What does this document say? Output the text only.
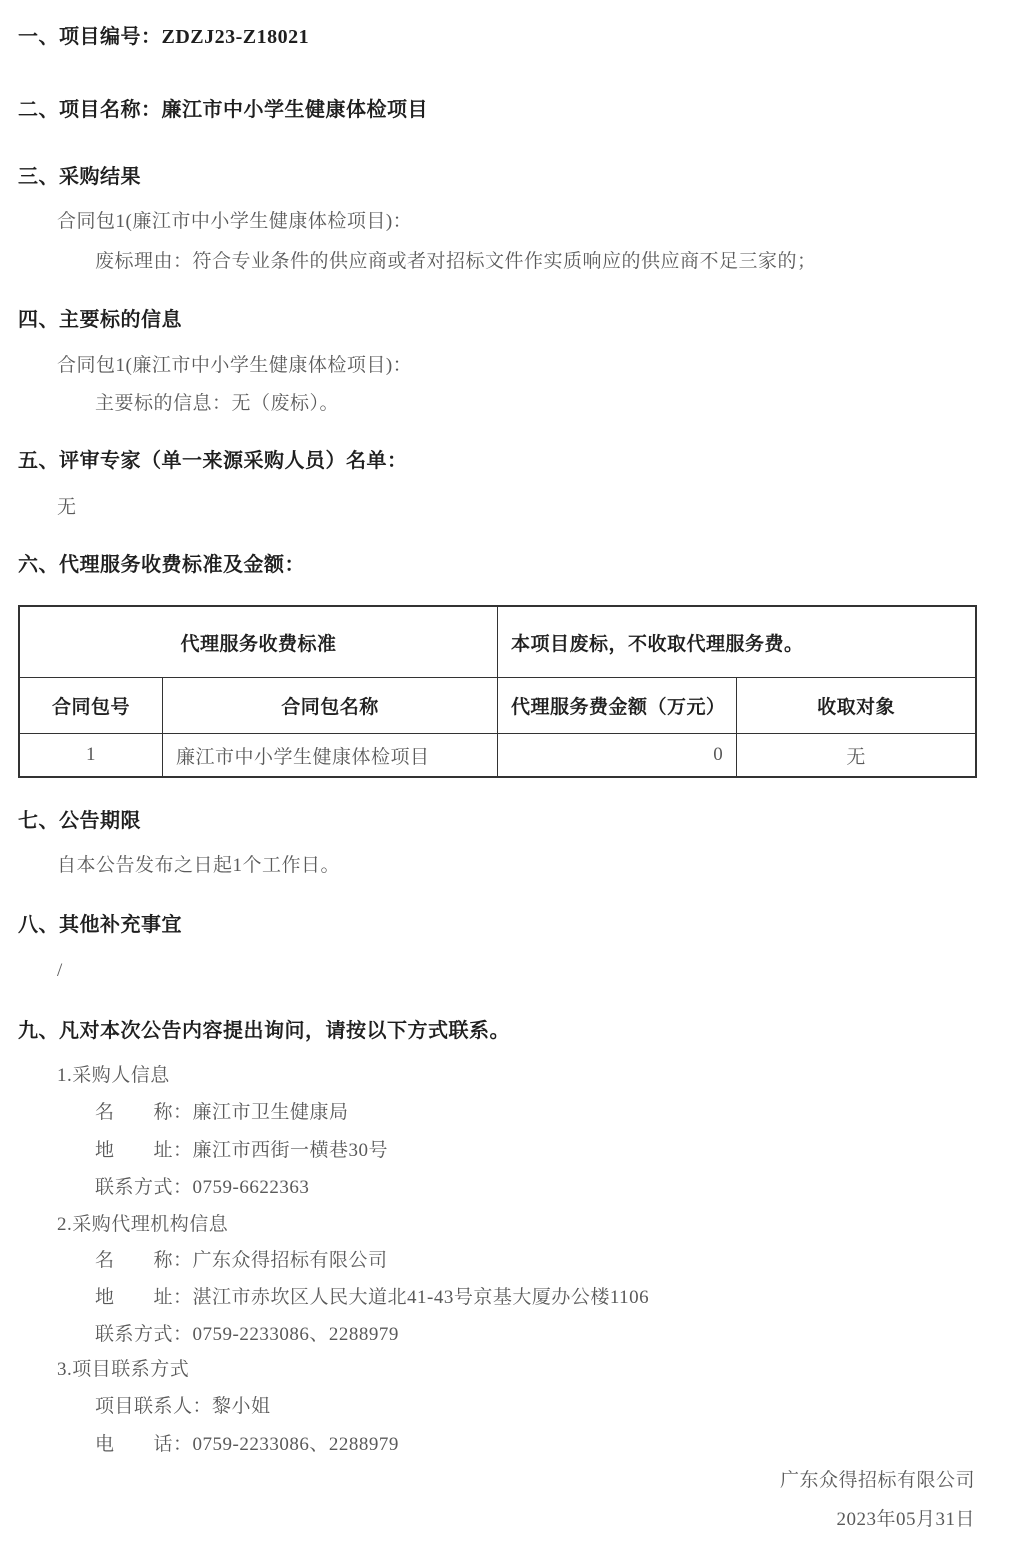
一、项目编号：ZDZJ23-Z18021

二、项目名称：廉江市中小学生健康体检项目

三、采购结果

合同包1(廉江市中小学生健康体检项目)：

废标理由：符合专业条件的供应商或者对招标文件作实质响应的供应商不足三家的；

四、主要标的信息

合同包1(廉江市中小学生健康体检项目)：

主要标的信息：无（废标）。

五、评审专家（单一来源采购人员）名单：

无

六、代理服务收费标准及金额：

代理服务收费标准		本项目废标，不收取代理服务费。	
合同包号	合同包名称	代理服务费金额（万元）	收取对象
1	廉江市中小学生健康体检项目	0	无

七、公告期限

自本公告发布之日起1个工作日。

八、其他补充事宜

/

九、凡对本次公告内容提出询问，请按以下方式联系。

1.采购人信息

名　　称：廉江市卫生健康局

地　　址：廉江市西街一横巷30号

联系方式：0759-6622363

2.采购代理机构信息

名　　称：广东众得招标有限公司

地　　址：湛江市赤坎区人民大道北41-43号京基大厦办公楼1106

联系方式：0759-2233086、2288979

3.项目联系方式

项目联系人：黎小姐

电　　话：0759-2233086、2288979

广东众得招标有限公司

2023年05月31日
